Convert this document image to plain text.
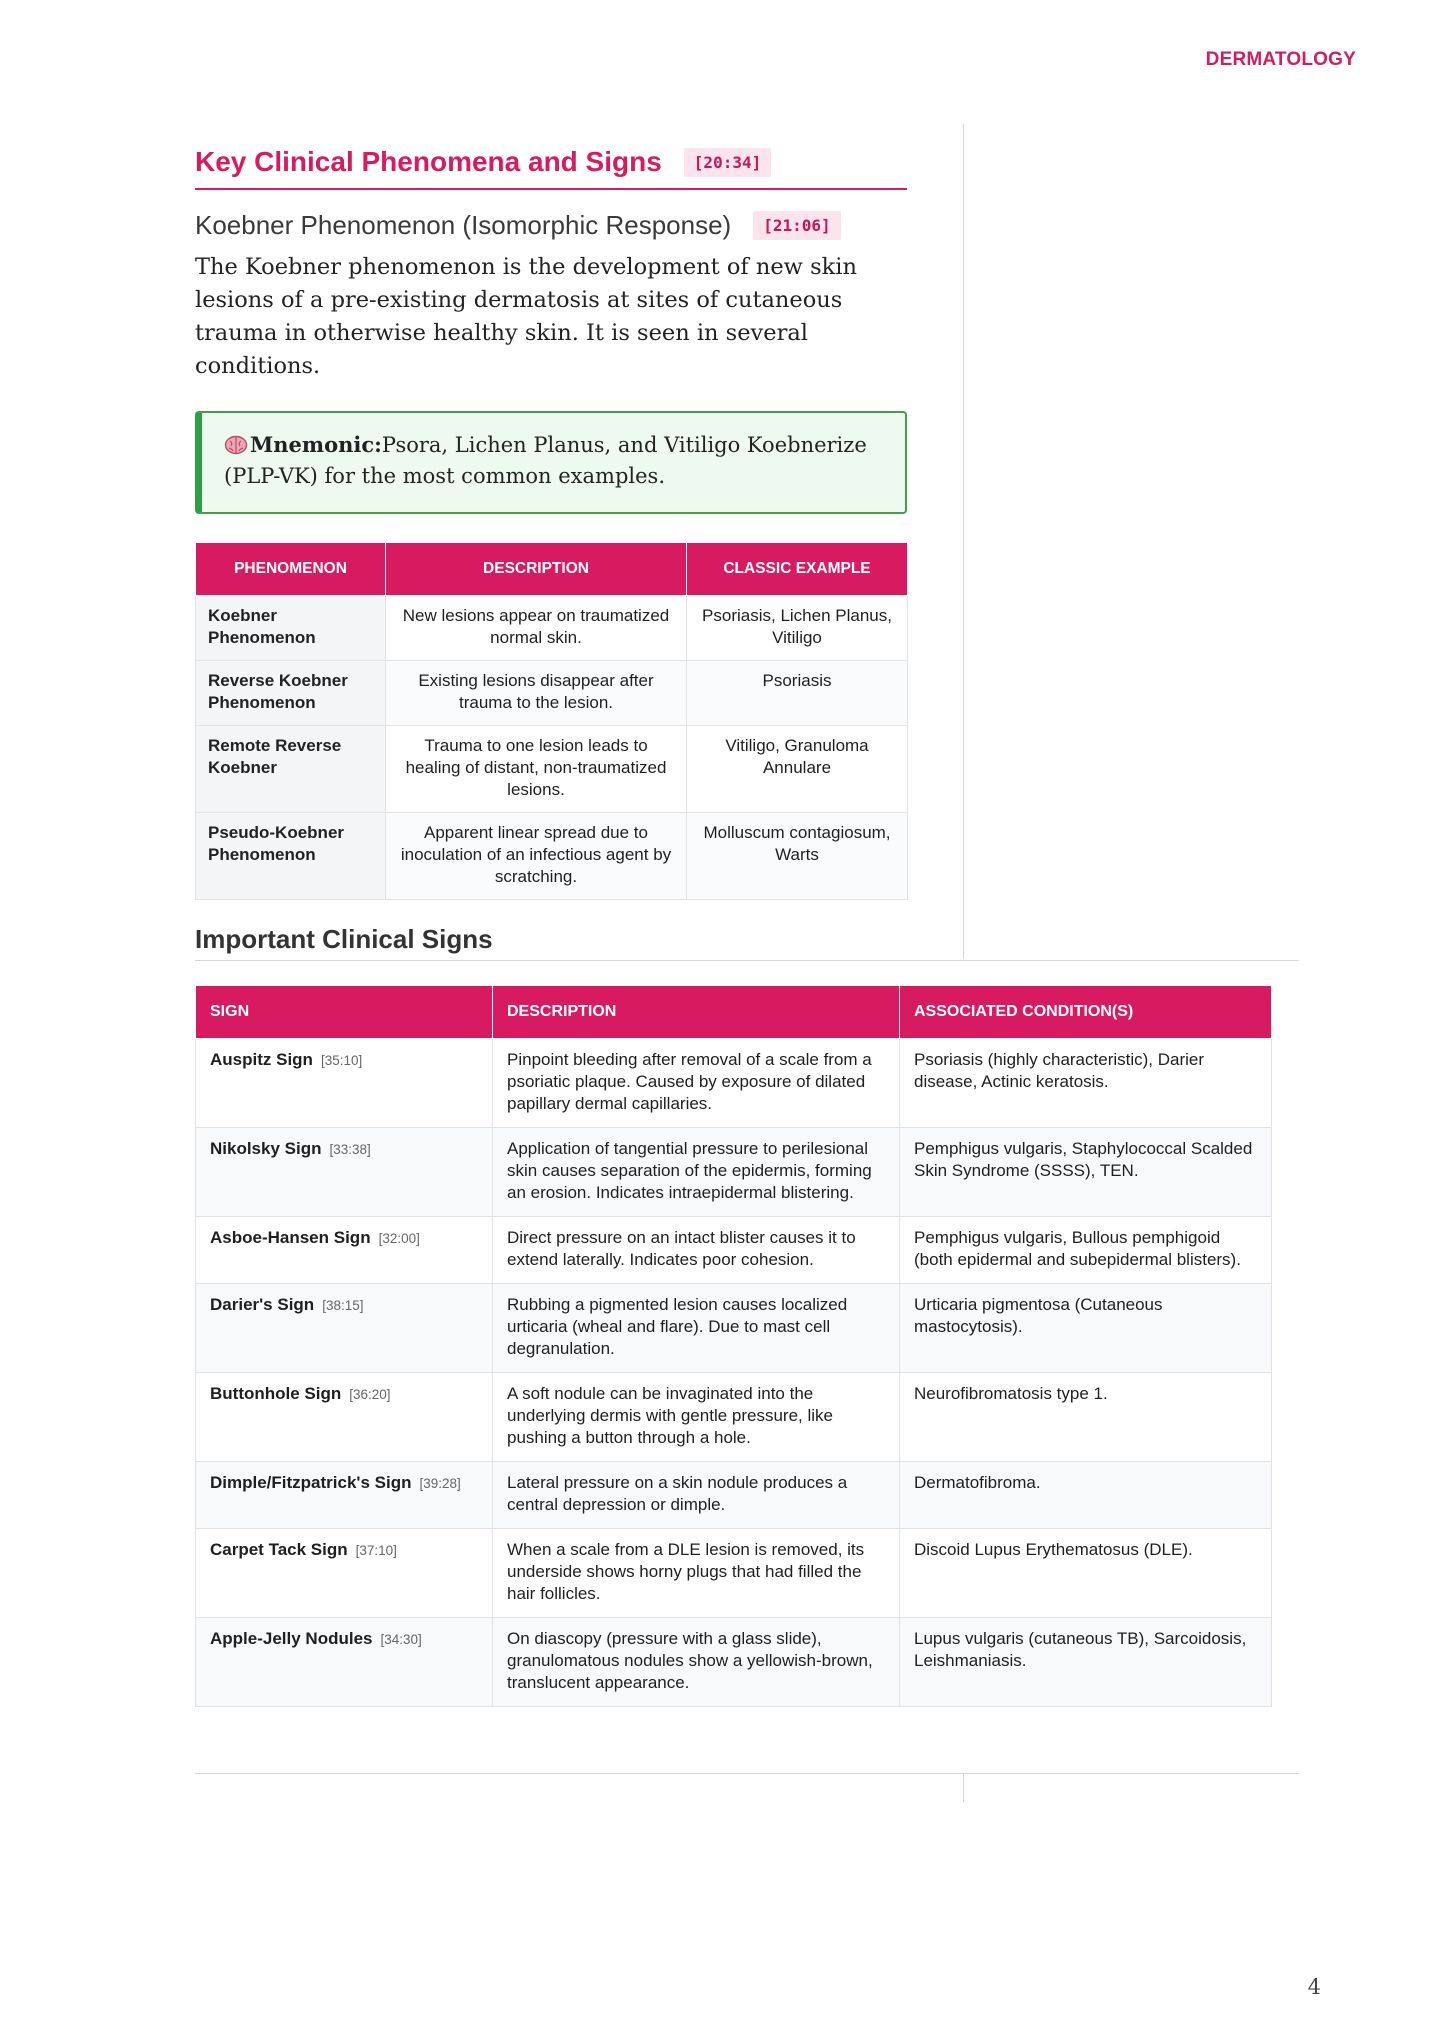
DERMATOLOGY
Key Clinical Phenomena and Signs	[20:34]
Koebner Phenomenon (Isomorphic Response)	[21:06]

The Koebner phenomenon is the development of new skin lesions of a pre-existing dermatosis at sites of cutaneous trauma in otherwise healthy skin. It is seen in several conditions.

Mnemonic:Psora, Lichen Planus, and Vitiligo Koebnerize (PLP-VK) for the most common examples.
PHENOMENON	DESCRIPTION	CLASSIC EXAMPLE
Koebner Phenomenon	New lesions appear on traumatized normal skin.	Psoriasis, Lichen Planus, Vitiligo
Reverse Koebner Phenomenon	Existing lesions disappear after trauma to the lesion.	Psoriasis
Remote Reverse Koebner	Trauma to one lesion leads to healing of distant, non-traumatized lesions.	Vitiligo, Granuloma Annulare
Pseudo-Koebner Phenomenon	Apparent linear spread due to inoculation of an infectious agent by scratching.	Molluscum contagiosum, Warts
Important Clinical Signs
SIGN	DESCRIPTION	ASSOCIATED CONDITION(S)
Auspitz Sign [35:10]	Pinpoint bleeding after removal of a scale from a psoriatic plaque. Caused by exposure of dilated papillary dermal capillaries.	Psoriasis (highly characteristic), Darier disease, Actinic keratosis.
Nikolsky Sign [33:38]	Application of tangential pressure to perilesional skin causes separation of the epidermis, forming an erosion. Indicates intraepidermal blistering.	Pemphigus vulgaris, Staphylococcal Scalded Skin Syndrome (SSSS), TEN.
Asboe-Hansen Sign [32:00]	Direct pressure on an intact blister causes it to extend laterally. Indicates poor cohesion.	Pemphigus vulgaris, Bullous pemphigoid (both epidermal and subepidermal blisters).
Darier's Sign [38:15]	Rubbing a pigmented lesion causes localized urticaria (wheal and flare). Due to mast cell degranulation.	Urticaria pigmentosa (Cutaneous mastocytosis).
Buttonhole Sign [36:20]	A soft nodule can be invaginated into the underlying dermis with gentle pressure, like pushing a button through a hole.	Neurofibromatosis type 1.
Dimple/Fitzpatrick's Sign [39:28]	Lateral pressure on a skin nodule produces a central depression or dimple.	Dermatofibroma.
Carpet Tack Sign [37:10]	When a scale from a DLE lesion is removed, its underside shows horny plugs that had filled the hair follicles.	Discoid Lupus Erythematosus (DLE).
Apple-Jelly Nodules [34:30]	On diascopy (pressure with a glass slide), granulomatous nodules show a yellowish-brown, translucent appearance.	Lupus vulgaris (cutaneous TB), Sarcoidosis, Leishmaniasis.
4
